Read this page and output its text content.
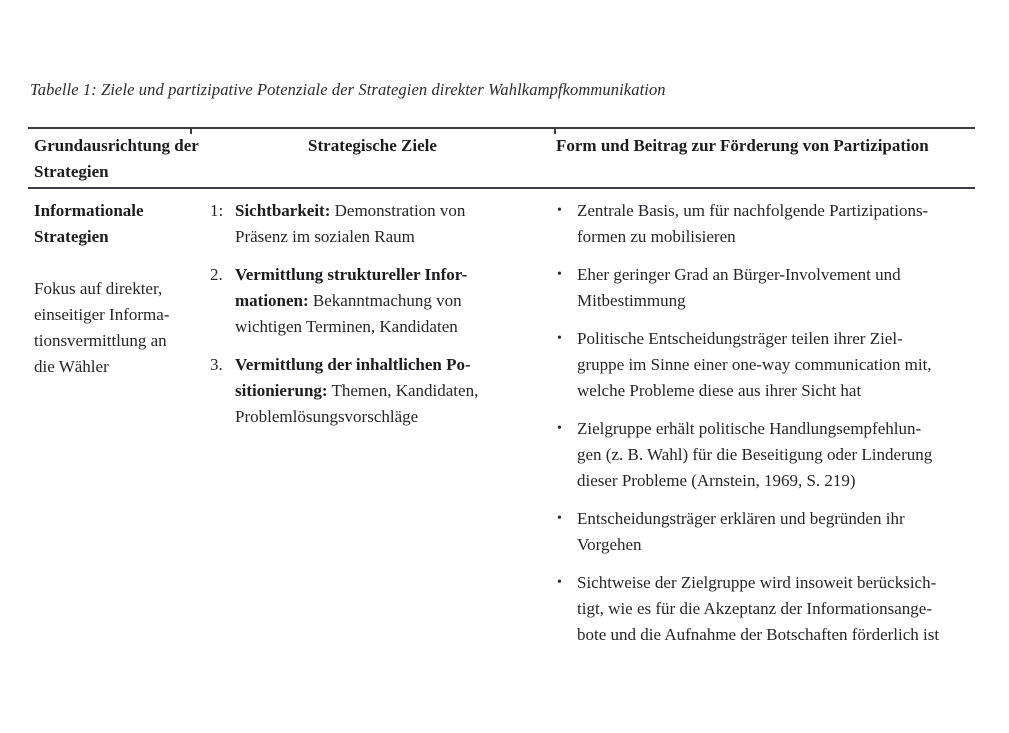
Tabelle 1: Ziele und partizipative Potenziale der Strategien direkter Wahlkampfkommunikation
Grundausrichtung der Strategien
Strategische Ziele	Form und Beitrag zur Förderung von Partizipation
Informationale
Strategien
Fokus auf direkter,
einseitiger Informa-
tionsvermittlung an
die Wähler
1: Sichtbarkeit: Demonstration von
Präsenz im sozialen Raum
2. Vermittlung struktureller Infor-
mationen: Bekanntmachung von
wichtigen Terminen, Kandidaten
3. Vermittlung der inhaltlichen Po-
sitionierung: Themen, Kandidaten,
Problemlösungsvorschläge
• Zentrale Basis, um für nachfolgende Partizipations-
formen zu mobilisieren
• Eher geringer Grad an Bürger-Involvement und
Mitbestimmung
• Politische Entscheidungsträger teilen ihrer Ziel-
gruppe im Sinne einer one-way communication mit,
welche Probleme diese aus ihrer Sicht hat
• Zielgruppe erhält politische Handlungsempfehlun-
gen (z. B. Wahl) für die Beseitigung oder Linderung
dieser Probleme (Arnstein, 1969, S. 219)
• Entscheidungsträger erklären und begründen ihr
Vorgehen
• Sichtweise der Zielgruppe wird insoweit berücksich-
tigt, wie es für die Akzeptanz der Informationsange-
bote und die Aufnahme der Botschaften förderlich ist
